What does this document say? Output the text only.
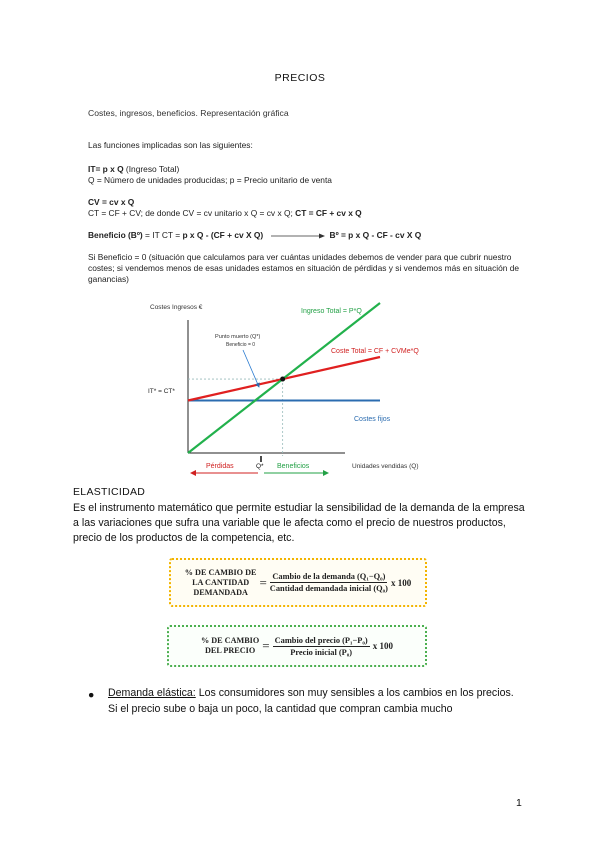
PRECIOS
Costes, ingresos, beneficios. Representación gráfica
Las funciones implicadas son las siguientes:
IT= p x Q (Ingreso Total)
Q = Número de unidades producidas; p = Precio unitario de venta
CV = cv x Q
CT = CF + CV; de donde CV = cv unitario x Q = cv x Q; CT = CF + cv x Q
Beneficio (Bº) = IT CT = p x Q - (CF + cv X Q)	Bº = p x Q - CF - cv X Q
Si Beneficio = 0 (situación que calculamos para ver cuántas unidades debemos de vender para que cubrir nuestro costes; si vendemos menos de esas unidades estamos en situación de pérdidas y si vendemos más en situación de ganancias)
Costes Ingresos €
Punto muerto (Q*)
Beneficio = 0
IT* = CT*
Ingreso Total = P*Q
Coste Total = CF + CVMe*Q
Costes fijos
Q*
Pérdidas	Beneficios	Unidades vendidas (Q)
ELASTICIDAD
Es el instrumento matemático que permite estudiar la sensibilidad de la demanda de la empresa a las variaciones que sufra una variable que le afecta como el precio de nuestros productos, precio de los productos de la competencia, etc.
% DE CAMBIO DE
LA CANTIDAD
DEMANDADA
= $\frac{\text{Cambio de la demanda (Q₁−Q₀)}}{\text{Cantidad demandada inicial (Q₀)}}$ x 100
% DE CAMBIO
DEL PRECIO = $\frac{\text{Cambio del precio (P₁−P₀)}}{\text{Precio inicial (P₀)}}$ x 100
● Demanda elástica: Los consumidores son muy sensibles a los cambios en los precios. Si el precio sube o baja un poco, la cantidad que compran cambia mucho
1
